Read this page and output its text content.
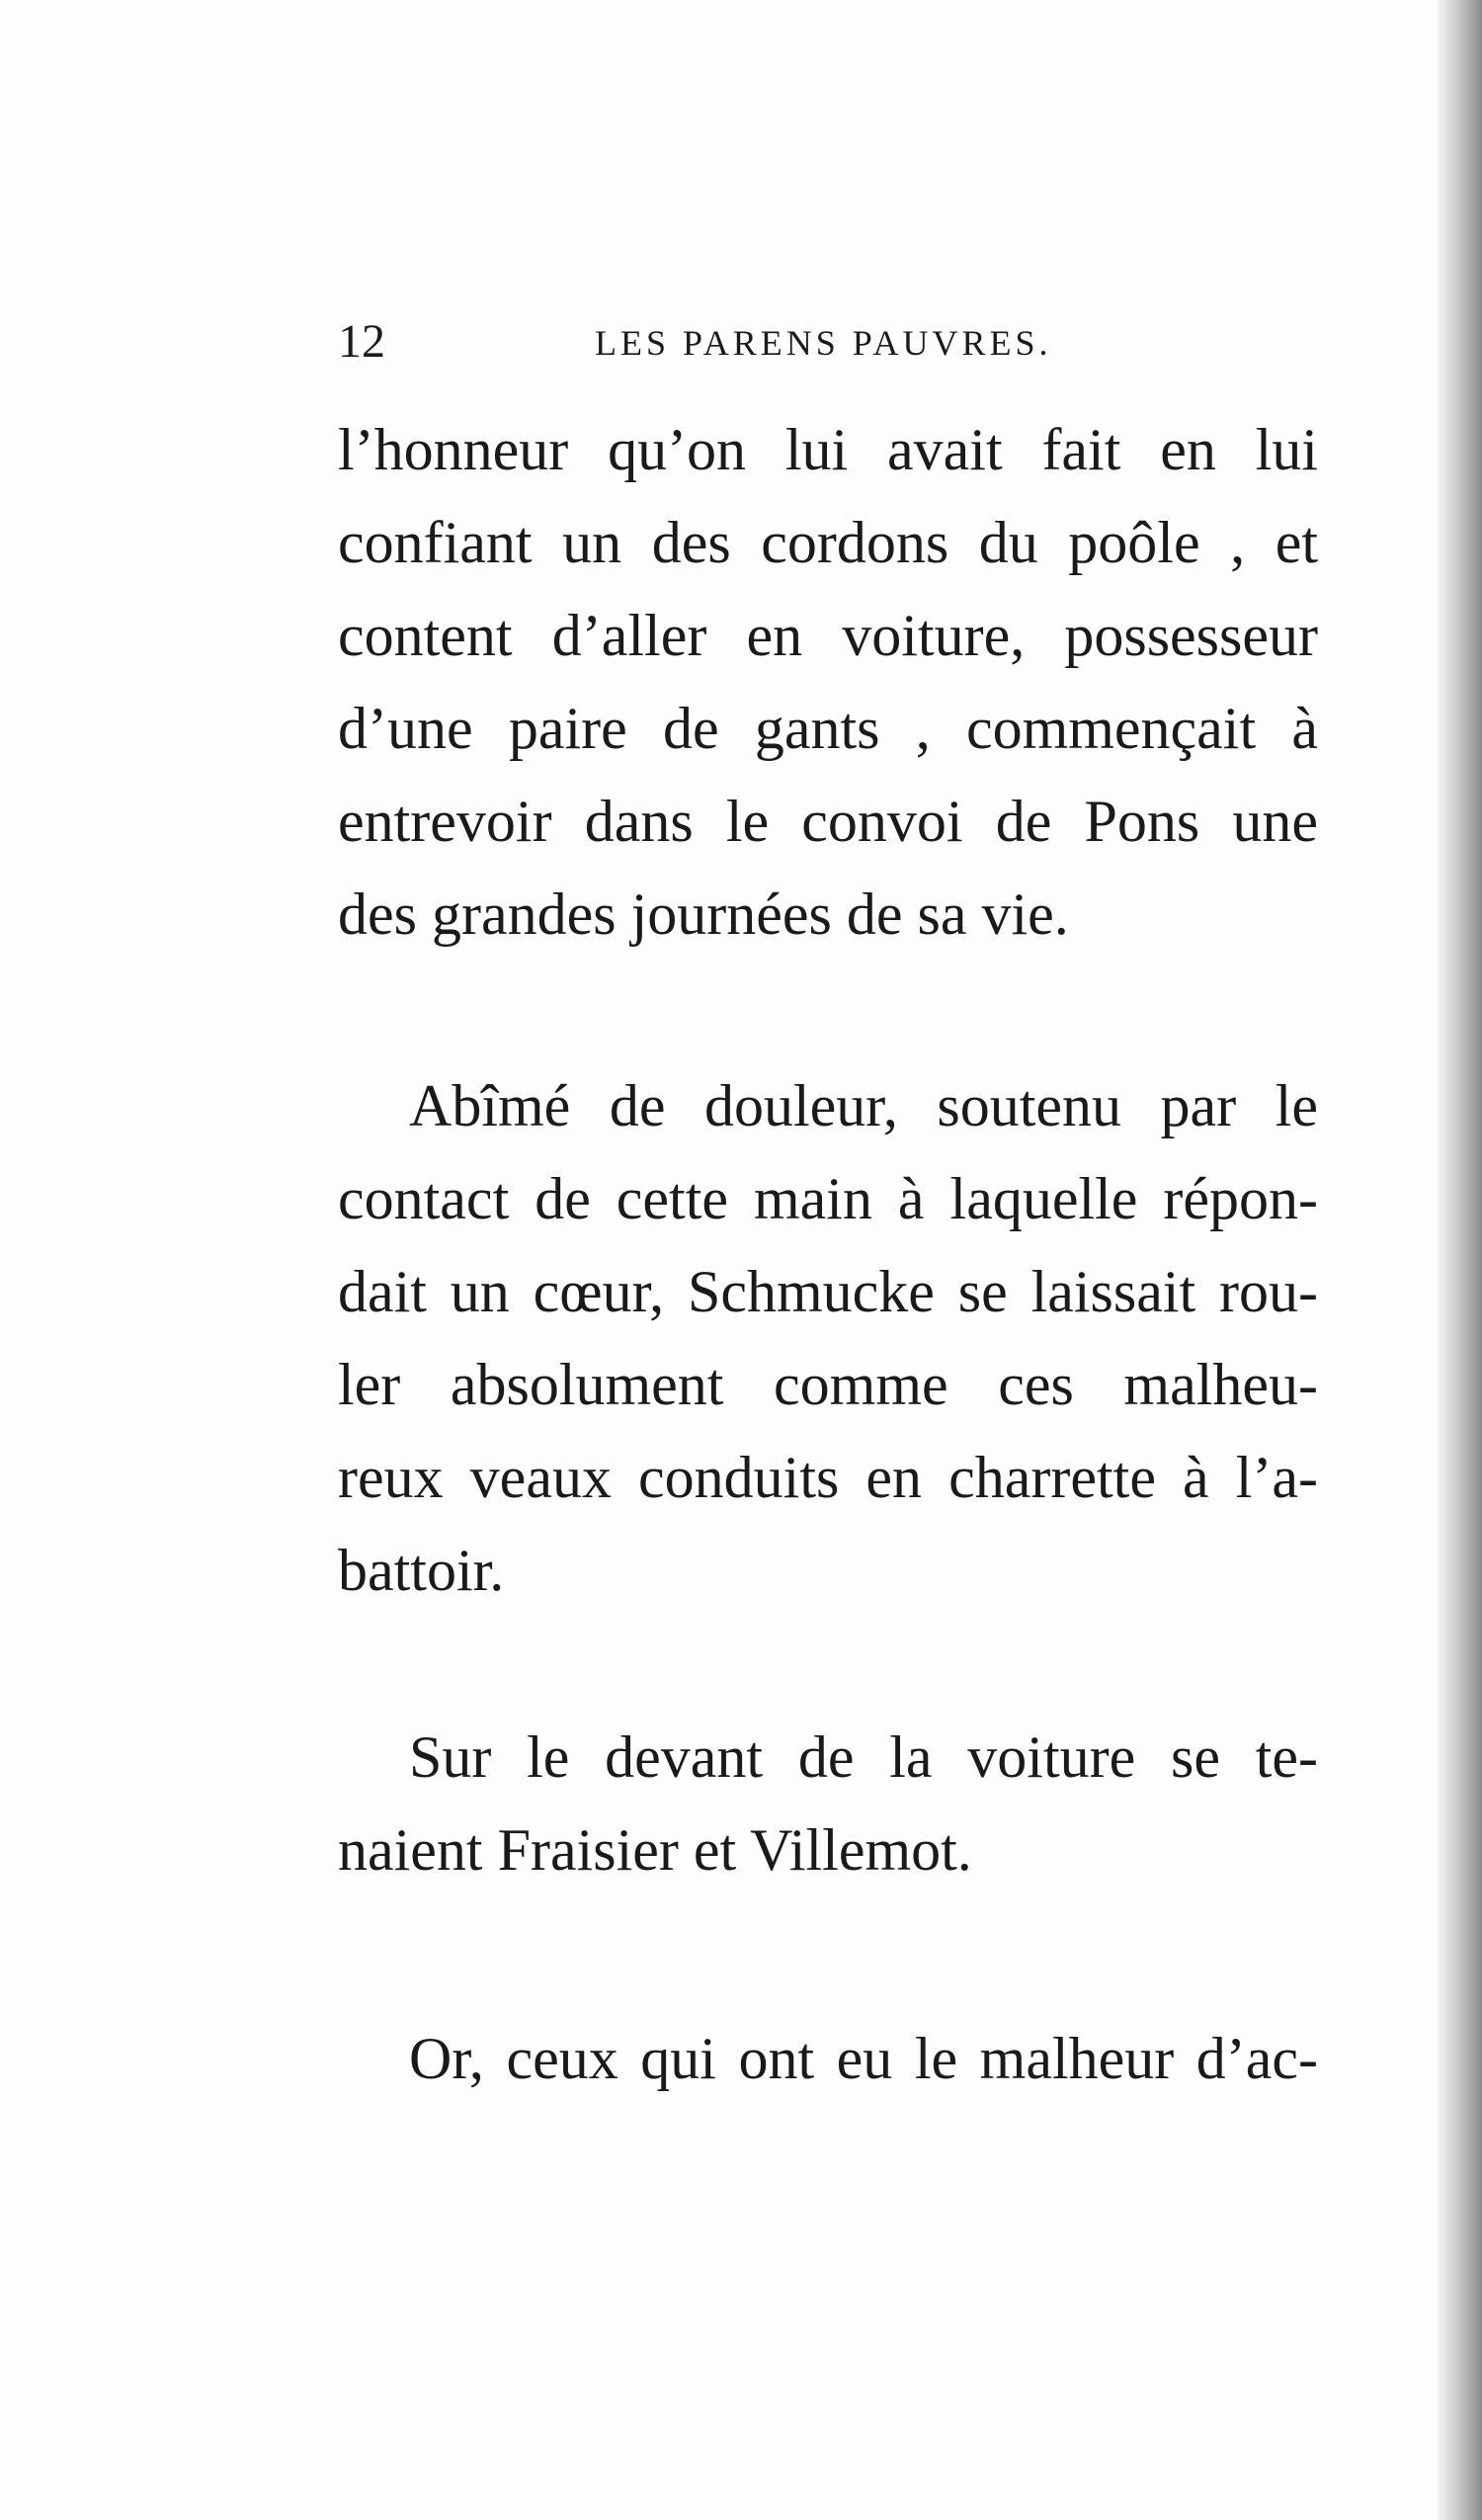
12	LES PARENS PAUVRES.
l’honneur qu’on lui avait fait en lui
confiant un des cordons du poôle , et
content d’aller en voiture, possesseur
d’une paire de gants , commençait à
entrevoir dans le convoi de Pons une
des grandes journées de sa vie.
Abîmé de douleur, soutenu par le
contact de cette main à laquelle répon-
dait un cœur, Schmucke se laissait rou-
ler absolument comme ces malheu-
reux veaux conduits en charrette à l’a-
battoir.
Sur le devant de la voiture se te-
naient Fraisier et Villemot.
Or, ceux qui ont eu le malheur d’ac-
